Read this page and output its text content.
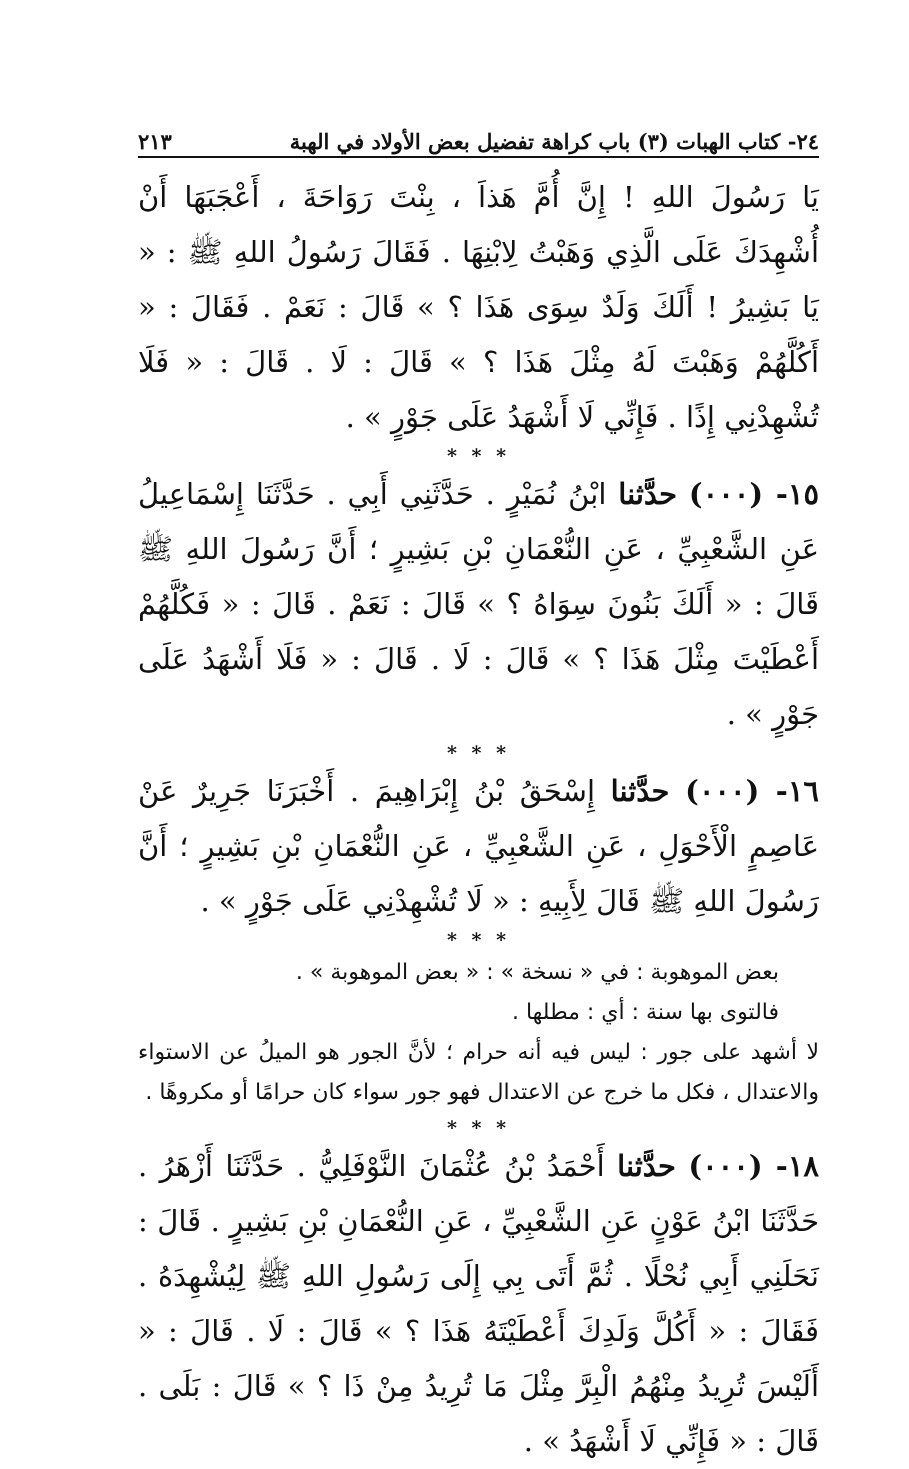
٢٤- كتاب الهبات (٣) باب كراهة تفضيل بعض الأولاد في الهبة
٢١٣

يَا رَسُولَ اللهِ ! إِنَّ أُمَّ هَذاَ ، بِنْتَ رَوَاحَةَ ، أَعْجَبَهَا أَنْ أُشْهِدَكَ عَلَى الَّذِي وَهَبْتُ لِابْنِهَا . فَقَالَ رَسُولُ اللهِ ﷺ : « يَا بَشِيرُ ! أَلَكَ وَلَدٌ سِوَى هَذَا ؟ » قَالَ : نَعَمْ . فَقَالَ : « أَكُلَّهُمْ وَهَبْتَ لَهُ مِثْلَ هَذَا ؟ » قَالَ : لَا . قَالَ : « فَلَا تُشْهِدْنِي إِذًا . فَإِنِّي لَا أَشْهَدُ عَلَى جَوْرٍ » .

* * *

١٥- (٠٠٠) حدَّثنا ابْنُ نُمَيْرٍ . حَدَّثَنِي أَبِي . حَدَّثَنَا إِسْمَاعِيلُ عَنِ الشَّعْبِيِّ ، عَنِ النُّعْمَانِ بْنِ بَشِيرٍ ؛ أَنَّ رَسُولَ اللهِ ﷺ قَالَ : « أَلَكَ بَنُونَ سِوَاهُ ؟ » قَالَ : نَعَمْ . قَالَ : « فَكُلَّهُمْ أَعْطَيْتَ مِثْلَ هَذَا ؟ » قَالَ : لَا . قَالَ : « فَلَا أَشْهَدُ عَلَى جَوْرٍ » .

* * *

١٦- (٠٠٠) حدَّثنا إِسْحَقُ بْنُ إِبْرَاهِيمَ . أَخْبَرَنَا جَرِيرٌ عَنْ عَاصِمٍ الْأَحْوَلِ ، عَنِ الشَّعْبِيِّ ، عَنِ النُّعْمَانِ بْنِ بَشِيرٍ ؛ أَنَّ رَسُولَ اللهِ ﷺ قَالَ لِأَبِيهِ : « لَا تُشْهِدْنِي عَلَى جَوْرٍ » .

* * *

بعض الموهوبة : في « نسخة » : « بعض الموهوبة » .

فالتوى بها سنة : أي : مطلها .

لا أشهد على جور : ليس فيه أنه حرام ؛ لأنَّ الجور هو الميلُ عن الاستواء والاعتدال ، فكل ما خرج عن الاعتدال فهو جور سواء كان حرامًا أو مكروهًا .

* * *

١٨- (٠٠٠) حدَّثنا أَحْمَدُ بْنُ عُثْمَانَ النَّوْفَلِيُّ . حَدَّثَنَا أَزْهَرُ . حَدَّثَنَا ابْنُ عَوْنٍ عَنِ الشَّعْبِيِّ ، عَنِ النُّعْمَانِ بْنِ بَشِيرٍ . قَالَ : نَحَلَنِي أَبِي نُحْلًا . ثُمَّ أَتَى بِي إِلَى رَسُولِ اللهِ ﷺ لِيُشْهِدَهُ . فَقَالَ : « أَكُلَّ وَلَدِكَ أَعْطَيْتَهُ هَذَا ؟ » قَالَ : لَا . قَالَ : « أَلَيْسَ تُرِيدُ مِنْهُمُ الْبِرَّ مِثْلَ مَا تُرِيدُ مِنْ ذَا ؟ » قَالَ : بَلَى . قَالَ : « فَإِنِّي لَا أَشْهَدُ » .
